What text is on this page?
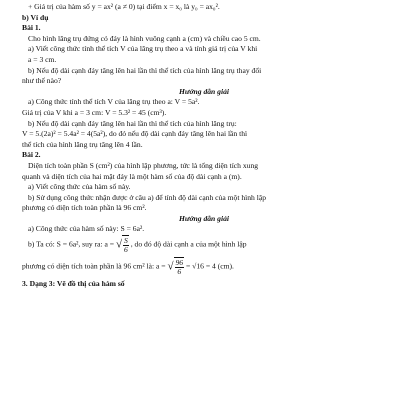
+ Giá trị của hàm số y = ax² (a ≠ 0) tại điểm x = x₀ là y₀ = ax₀².
b) Ví dụ
Bài 1.
Cho hình lăng trụ đứng có đáy là hình vuông cạnh a (cm) và chiều cao 5 cm.
a) Viết công thức tính thể tích V của lăng trụ theo a và tính giá trị của V khi
a = 3 cm.
b) Nếu độ dài cạnh đáy tăng lên hai lần thì thể tích của hình lăng trụ thay đổi
như thế nào?
Hướng dẫn giải
a) Công thức tính thể tích V của lăng trụ theo a: V = 5a².
Giá trị của V khi a = 3 cm: V = 5.3² = 45 (cm³).
b) Nếu độ dài cạnh đáy tăng lên hai lần thì thể tích của hình lăng trụ:
V = 5.(2a)² = 5.4a² = 4(5a²), do đó nếu độ dài cạnh đáy tăng lên hai lần thì
thể tích của hình lăng trụ tăng lên 4 lần.
Bài 2.
Diện tích toàn phần S (cm²) của hình lập phương, tức là tổng diện tích xung
quanh và diện tích của hai mặt đáy là một hàm số của độ dài cạnh a (m).
a) Viết công thức của hàm số này.
b) Sử dụng công thức nhận được ở câu a) để tính độ dài cạnh của một hình lập
phương có diện tích toàn phần là 96 cm².
Hướng dẫn giải
a) Công thức của hàm số này: S = 6a².
b) Ta có: S = 6a², suy ra: a = √ $\frac{S}{6}$ , do đó độ dài cạnh a của một hình lập
phương có diện tích toàn phần là 96 cm² là: a = √ $\frac{96}{6} = √16 = 4$ (cm).
3. Dạng 3: Vẽ đồ thị của hàm số
